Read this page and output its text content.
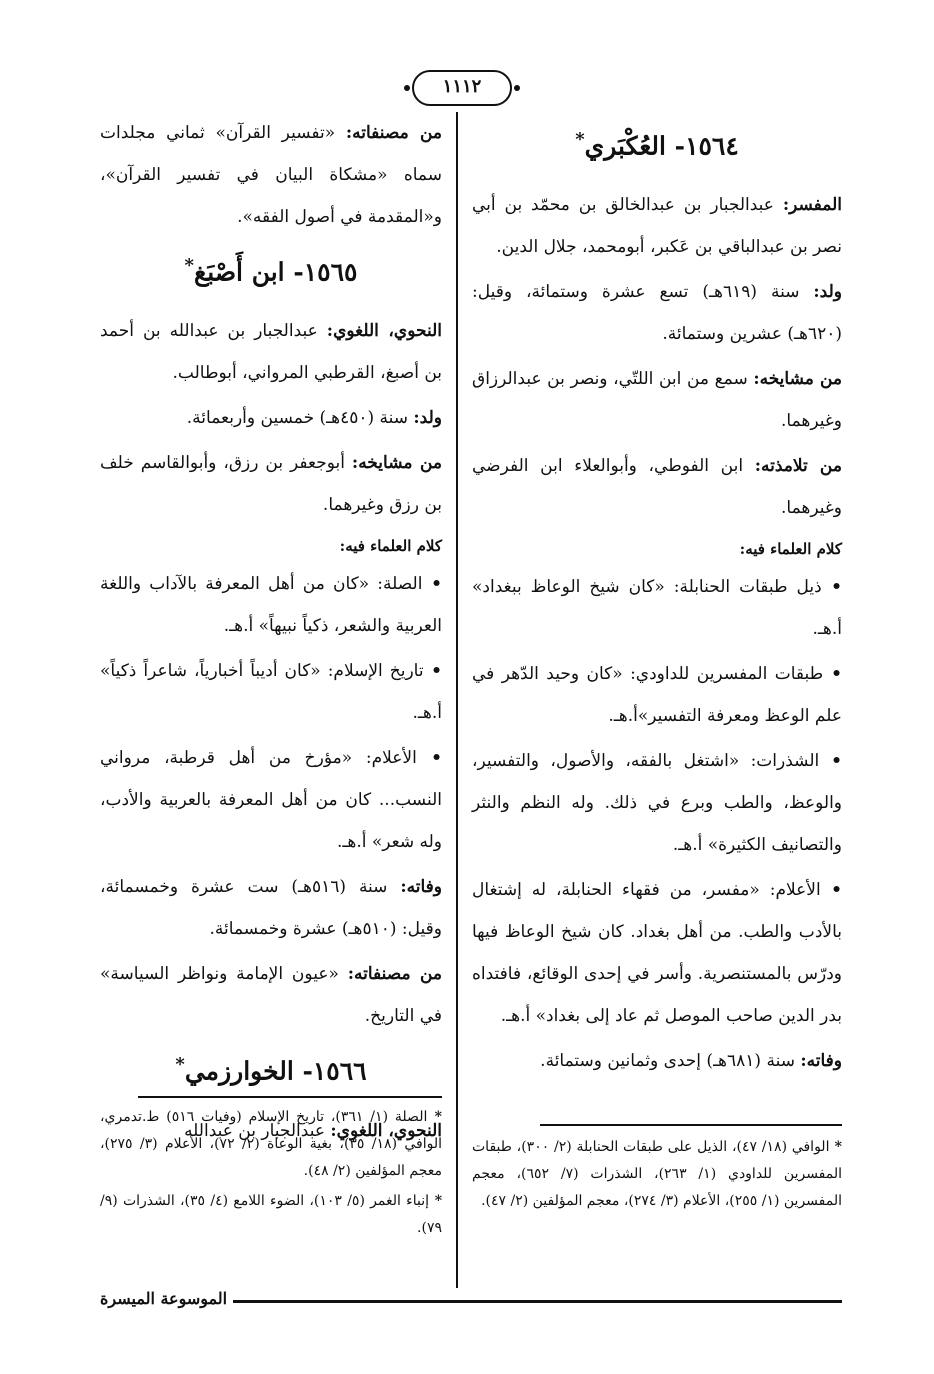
١١١٢
١٥٦٤- العُكْبَري*

المفسر: عبدالجبار بن عبدالخالق بن محمّد بن أبي نصر بن عبدالباقي بن عَكبر، أبومحمد، جلال الدين.

ولد: سنة (٦١٩هـ) تسع عشرة وستمائة، وقيل: (٦٢٠هـ) عشرين وستمائة.

من مشايخه: سمع من ابن اللتّي، ونصر بن عبدالرزاق وغيرهما.

من تلامذته: ابن الفوطي، وأبوالعلاء ابن الفرضي وغيرهما.

كلام العلماء فيه:

• ذيل طبقات الحنابلة: «كان شيخ الوعاظ ببغداد» أ.هـ.

• طبقات المفسرين للداودي: «كان وحيد الدّهر في علم الوعظ ومعرفة التفسير»أ.هـ.

• الشذرات: «اشتغل بالفقه، والأصول، والتفسير، والوعظ، والطب وبرع في ذلك. وله النظم والنثر والتصانيف الكثيرة» أ.هـ.

• الأعلام: «مفسر، من فقهاء الحنابلة، له إشتغال بالأدب والطب. من أهل بغداد. كان شيخ الوعاظ فيها ودرّس بالمستنصرية. وأسر في إحدى الوقائع، فافتداه بدر الدين صاحب الموصل ثم عاد إلى بغداد» أ.هـ.

وفاته: سنة (٦٨١هـ) إحدى وثمانين وستمائة.

* الوافي (١٨/ ٤٧)، الذيل على طبقات الحنابلة (٢/ ٣٠٠)، طبقات المفسرين للداودي (١/ ٢٦٣)، الشذرات (٧/ ٦٥٢)، معجم المفسرين (١/ ٢٥٥)، الأعلام (٣/ ٢٧٤)، معجم المؤلفين (٢/ ٤٧).

من مصنفاته: «تفسير القرآن» ثماني مجلدات سماه «مشكاة البيان في تفسير القرآن»، و«المقدمة في أصول الفقه».

١٥٦٥- ابن أَصْبَغ*

النحوي، اللغوي: عبدالجبار بن عبدالله بن أحمد بن أصبغ، القرطبي المرواني، أبوطالب.

ولد: سنة (٤٥٠هـ) خمسين وأربعمائة.

من مشايخه: أبوجعفر بن رزق، وأبوالقاسم خلف بن رزق وغيرهما.

كلام العلماء فيه:

• الصلة: «كان من أهل المعرفة بالآداب واللغة العربية والشعر، ذكياً نبيهاً» أ.هـ.

• تاريخ الإسلام: «كان أديباً أخبارياً، شاعراً ذكياً» أ.هـ.

• الأعلام: «مؤرخ من أهل قرطبة، مرواني النسب... كان من أهل المعرفة بالعربية والأدب، وله شعر» أ.هـ.

وفاته: سنة (٥١٦هـ) ست عشرة وخمسمائة، وقيل: (٥١٠هـ) عشرة وخمسمائة.

من مصنفاته: «عيون الإمامة ونواظر السياسة» في التاريخ.

١٥٦٦- الخوارزمي*

النحوي، اللغوي: عبدالجبار بن عبدالله

* الصلة (١/ ٣٦١)، تاريخ الإسلام (وفيات ٥١٦) ط.تدمري، الوافي (١٨/ ٣٥)، بغية الوعاة (٢/ ٧٢)، الأعلام (٣/ ٢٧٥)، معجم المؤلفين (٢/ ٤٨).

* إنباء الغمر (٥/ ١٠٣)، الضوء اللامع (٤/ ٣٥)، الشذرات (٩/ ٧٩).

الموسوعة الميسرة
